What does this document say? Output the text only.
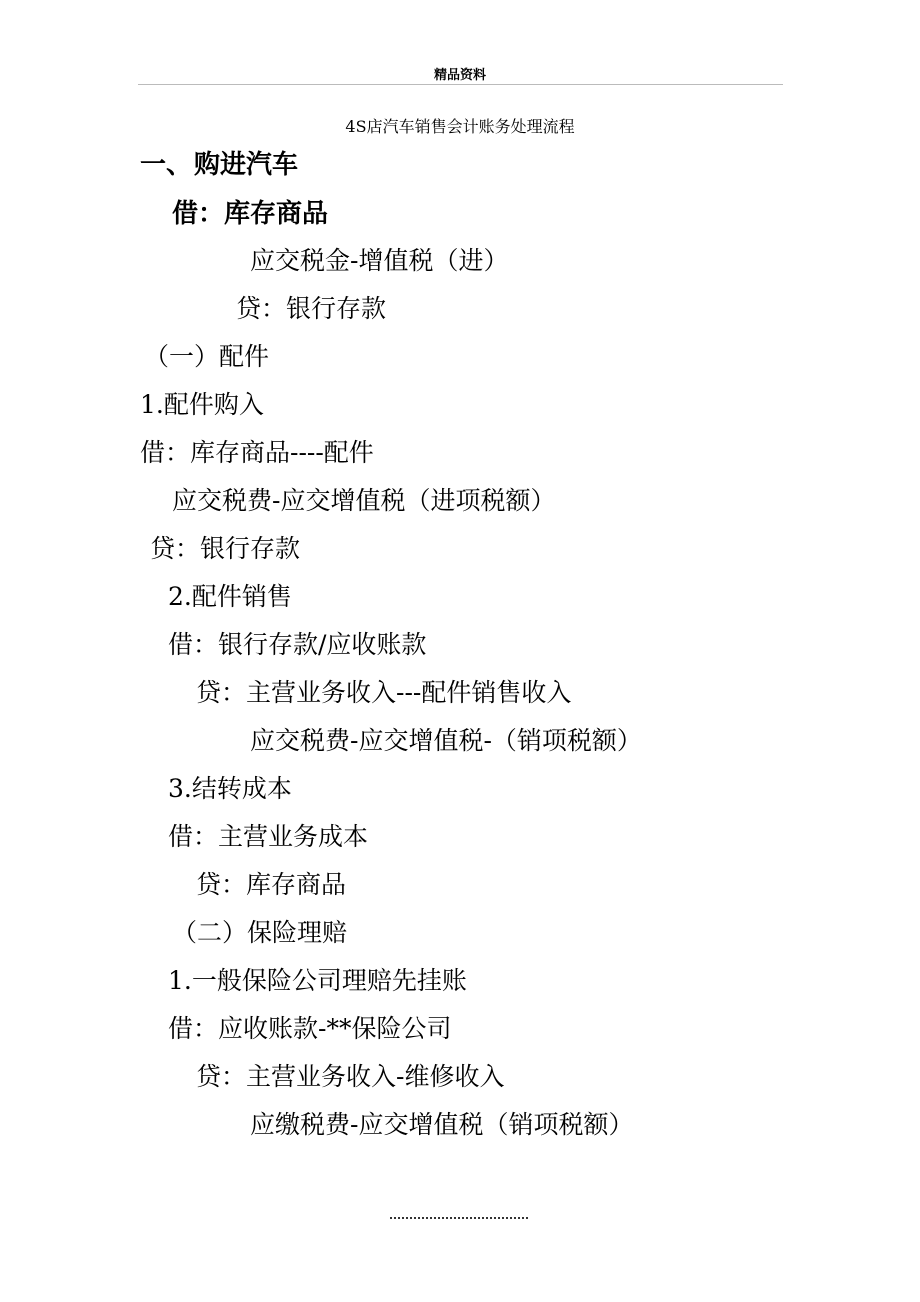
精品资料
4S店汽车销售会计账务处理流程
一、 购进汽车
借：库存商品
应交税金-增值税（进）
贷：银行存款
（一）配件
1.配件购入
借：库存商品----配件
应交税费-应交增值税（进项税额）
贷：银行存款
2.配件销售
借：银行存款/应收账款
贷：主营业务收入---配件销售收入
应交税费-应交增值税-（销项税额）
3.结转成本
借：主营业务成本
贷：库存商品
（二）保险理赔
1.一般保险公司理赔先挂账
借：应收账款-**保险公司
贷：主营业务收入-维修收入
应缴税费-应交增值税（销项税额）
